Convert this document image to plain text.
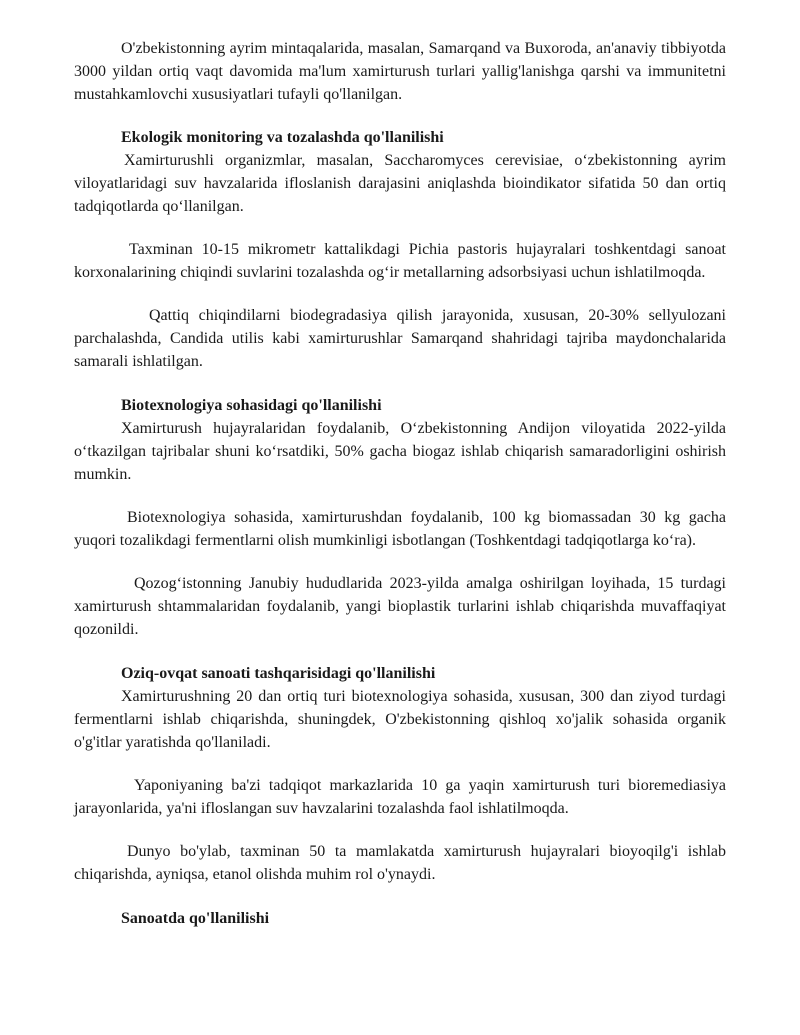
O'zbekistonning ayrim mintaqalarida, masalan, Samarqand va Buxoroda, an'anaviy tibbiyotda 3000 yildan ortiq vaqt davomida ma'lum xamirturush turlari yallig'lanishga qarshi va immunitetni mustahkamlovchi xususiyatlari tufayli qo'llanilgan.

Ekologik monitoring va tozalashda qo'llanilishi

Xamirturushli organizmlar, masalan, Saccharomyces cerevisiae, o‘zbekistonning ayrim viloyatlaridagi suv havzalarida ifloslanish darajasini aniqlashda bioindikator sifatida 50 dan ortiq tadqiqotlarda qo‘llanilgan.

Taxminan 10-15 mikrometr kattalikdagi Pichia pastoris hujayralari toshkentdagi sanoat korxonalarining chiqindi suvlarini tozalashda og‘ir metallarning adsorbsiyasi uchun ishlatilmoqda.

Qattiq chiqindilarni biodegradasiya qilish jarayonida, xususan, 20-30% sellyulozani parchalashda, Candida utilis kabi xamirturushlar Samarqand shahridagi tajriba maydonchalarida samarali ishlatilgan.

Biotexnologiya sohasidagi qo'llanilishi

Xamirturush hujayralaridan foydalanib, O‘zbekistonning Andijon viloyatida 2022-yilda o‘tkazilgan tajribalar shuni ko‘rsatdiki, 50% gacha biogaz ishlab chiqarish samaradorligini oshirish mumkin.

Biotexnologiya sohasida, xamirturushdan foydalanib, 100 kg biomassadan 30 kg gacha yuqori tozalikdagi fermentlarni olish mumkinligi isbotlangan (Toshkentdagi tadqiqotlarga ko‘ra).

Qozog‘istonning Janubiy hududlarida 2023-yilda amalga oshirilgan loyihada, 15 turdagi xamirturush shtammalaridan foydalanib, yangi bioplastik turlarini ishlab chiqarishda muvaffaqiyat qozonildi.

Oziq-ovqat sanoati tashqarisidagi qo'llanilishi

Xamirturushning 20 dan ortiq turi biotexnologiya sohasida, xususan, 300 dan ziyod turdagi fermentlarni ishlab chiqarishda, shuningdek, O'zbekistonning qishloq xo'jalik sohasida organik o'g'itlar yaratishda qo'llaniladi.

Yaponiyaning ba'zi tadqiqot markazlarida 10 ga yaqin xamirturush turi bioremediasiya jarayonlarida, ya'ni ifloslangan suv havzalarini tozalashda faol ishlatilmoqda.

Dunyo bo'ylab, taxminan 50 ta mamlakatda xamirturush hujayralari bioyoqilg'i ishlab chiqarishda, ayniqsa, etanol olishda muhim rol o'ynaydi.

Sanoatda qo'llanilishi
